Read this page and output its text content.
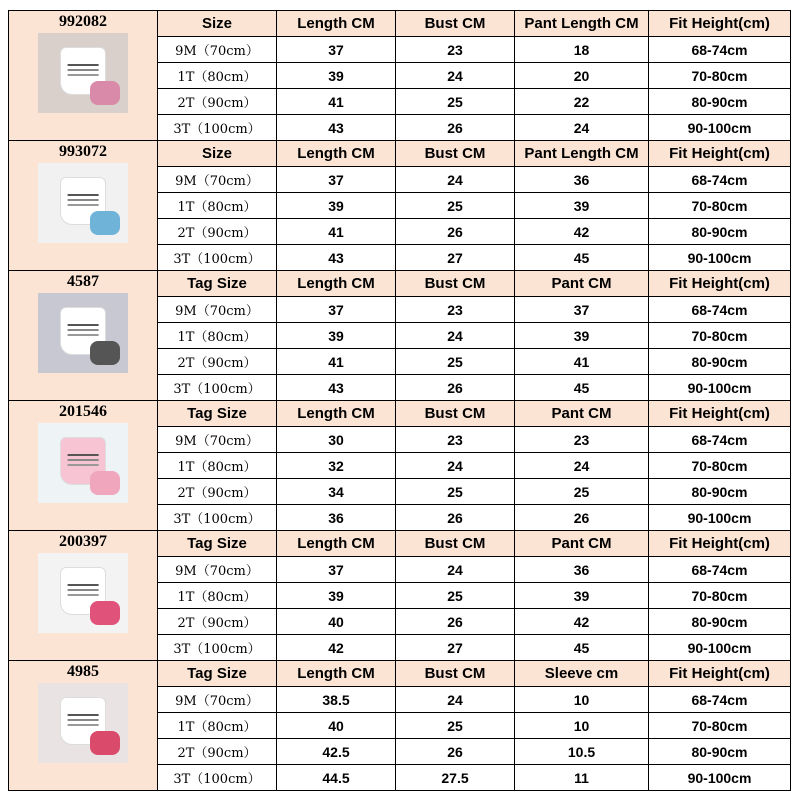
992082	Size	Length CM	Bust CM	Pant Length CM	Fit Height(cm)
	9M（70cm）	37	23	18	68-74cm
	1T（80cm）	39	24	20	70-80cm
	2T（90cm）	41	25	22	80-90cm
	3T（100cm）	43	26	24	90-100cm

993072	Size	Length CM	Bust CM	Pant Length CM	Fit Height(cm)
	9M（70cm）	37	24	36	68-74cm
	1T（80cm）	39	25	39	70-80cm
	2T（90cm）	41	26	42	80-90cm
	3T（100cm）	43	27	45	90-100cm

4587	Tag Size	Length CM	Bust CM	Pant CM	Fit Height(cm)
	9M（70cm）	37	23	37	68-74cm
	1T（80cm）	39	24	39	70-80cm
	2T（90cm）	41	25	41	80-90cm
	3T（100cm）	43	26	45	90-100cm

201546	Tag Size	Length CM	Bust CM	Pant CM	Fit Height(cm)
	9M（70cm）	30	23	23	68-74cm
	1T（80cm）	32	24	24	70-80cm
	2T（90cm）	34	25	25	80-90cm
	3T（100cm）	36	26	26	90-100cm

200397	Tag Size	Length CM	Bust CM	Pant CM	Fit Height(cm)
	9M（70cm）	37	24	36	68-74cm
	1T（80cm）	39	25	39	70-80cm
	2T（90cm）	40	26	42	80-90cm
	3T（100cm）	42	27	45	90-100cm

4985	Tag Size	Length CM	Bust CM	Sleeve cm	Fit Height(cm)
	9M（70cm）	38.5	24	10	68-74cm
	1T（80cm）	40	25	10	70-80cm
	2T（90cm）	42.5	26	10.5	80-90cm
	3T（100cm）	44.5	27.5	11	90-100cm
